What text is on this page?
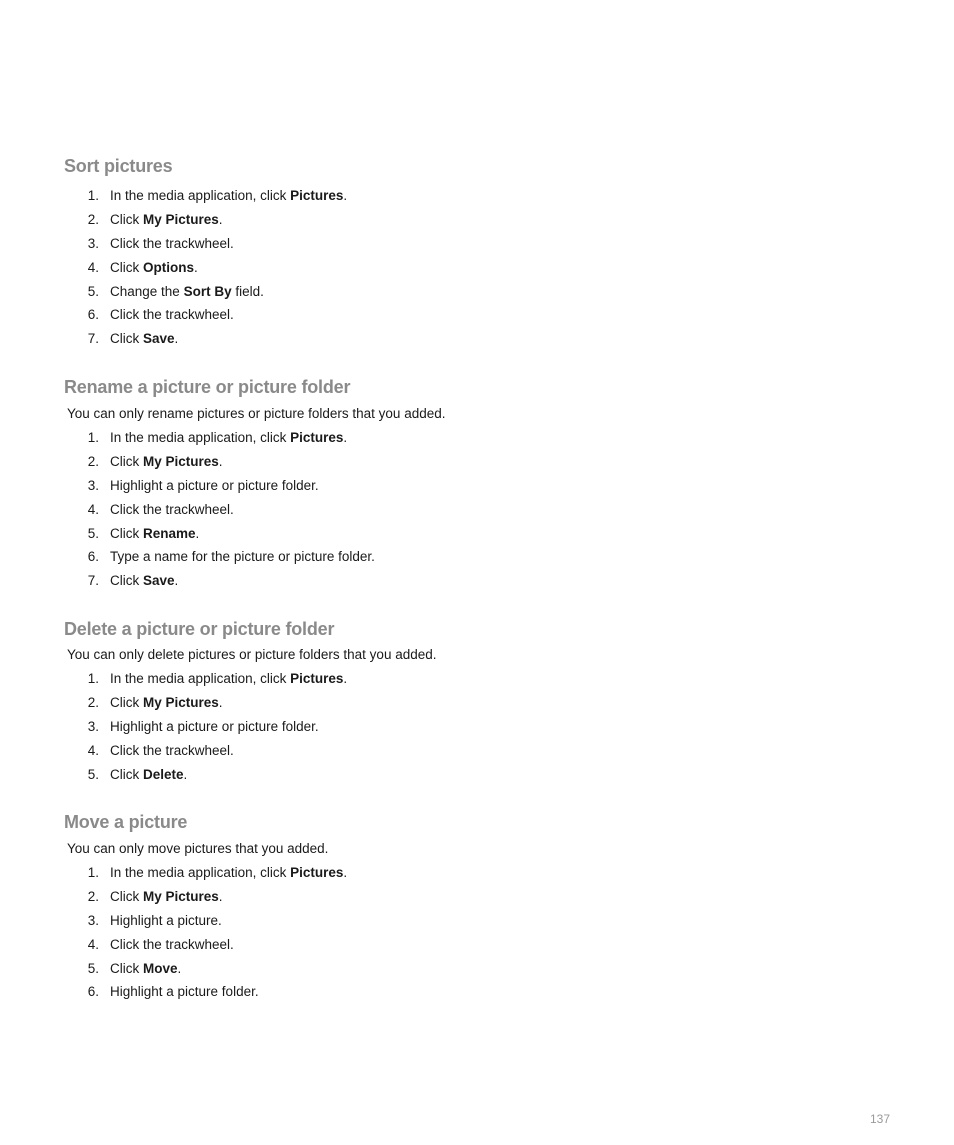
Sort pictures
1. In the media application, click Pictures.
2. Click My Pictures.
3. Click the trackwheel.
4. Click Options.
5. Change the Sort By field.
6. Click the trackwheel.
7. Click Save.
Rename a picture or picture folder

You can only rename pictures or picture folders that you added.

1. In the media application, click Pictures.
2. Click My Pictures.
3. Highlight a picture or picture folder.
4. Click the trackwheel.
5. Click Rename.
6. Type a name for the picture or picture folder.
7. Click Save.
Delete a picture or picture folder

You can only delete pictures or picture folders that you added.

1. In the media application, click Pictures.
2. Click My Pictures.
3. Highlight a picture or picture folder.
4. Click the trackwheel.
5. Click Delete.
Move a picture

You can only move pictures that you added.

1. In the media application, click Pictures.
2. Click My Pictures.
3. Highlight a picture.
4. Click the trackwheel.
5. Click Move.
6. Highlight a picture folder.
137
